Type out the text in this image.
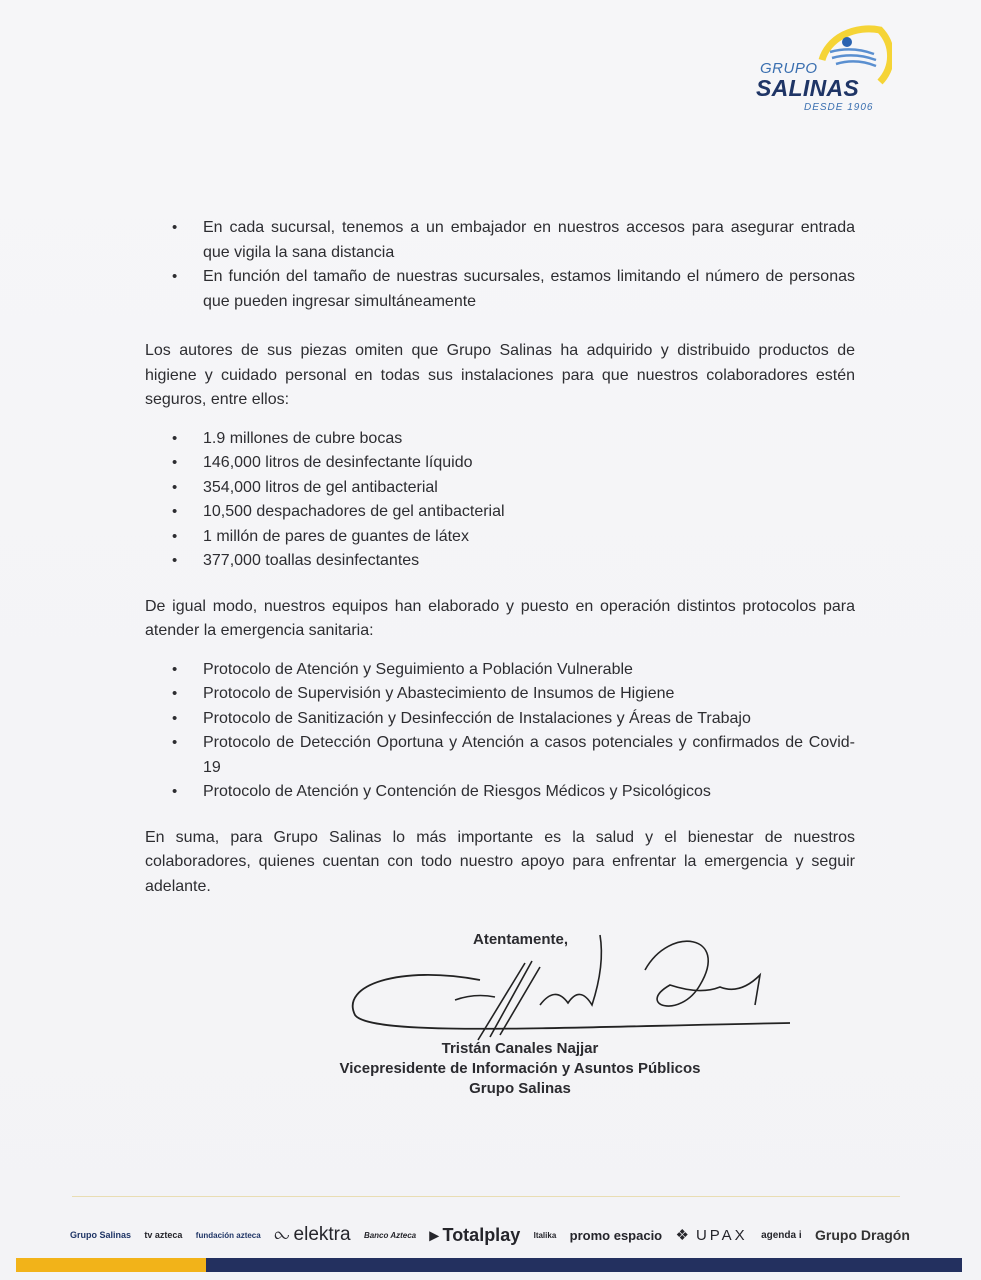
GRUPO
SALINAS
DESDE 1906
• En cada sucursal, tenemos a un embajador en nuestros accesos para asegurar entrada que vigila la sana distancia
• En función del tamaño de nuestras sucursales, estamos limitando el número de personas que pueden ingresar simultáneamente

Los autores de sus piezas omiten que Grupo Salinas ha adquirido y distribuido productos de higiene y cuidado personal en todas sus instalaciones para que nuestros colaboradores estén seguros, entre ellos:

• 1.9 millones de cubre bocas
• 146,000 litros de desinfectante líquido
• 354,000 litros de gel antibacterial
• 10,500 despachadores de gel antibacterial
• 1 millón de pares de guantes de látex
• 377,000 toallas desinfectantes

De igual modo, nuestros equipos han elaborado y puesto en operación distintos protocolos para atender la emergencia sanitaria:

• Protocolo de Atención y Seguimiento a Población Vulnerable
• Protocolo de Supervisión y Abastecimiento de Insumos de Higiene
• Protocolo de Sanitización y Desinfección de Instalaciones y Áreas de Trabajo
• Protocolo de Detección Oportuna y Atención a casos potenciales y confirmados de Covid-19
• Protocolo de Atención y Contención de Riesgos Médicos y Psicológicos

En suma, para Grupo Salinas lo más importante es la salud y el bienestar de nuestros colaboradores, quienes cuentan con todo nuestro apoyo para enfrentar la emergencia y seguir adelante.

Atentamente,
Tristán Canales Najjar
Vicepresidente de Información y Asuntos Públicos
Grupo Salinas
Grupo Salinas tv azteca fundación azteca ⧜ elektra Banco Azteca ▸ Totalplay Italika promo espacio ❖ UPAX agenda i Grupo Dragón
